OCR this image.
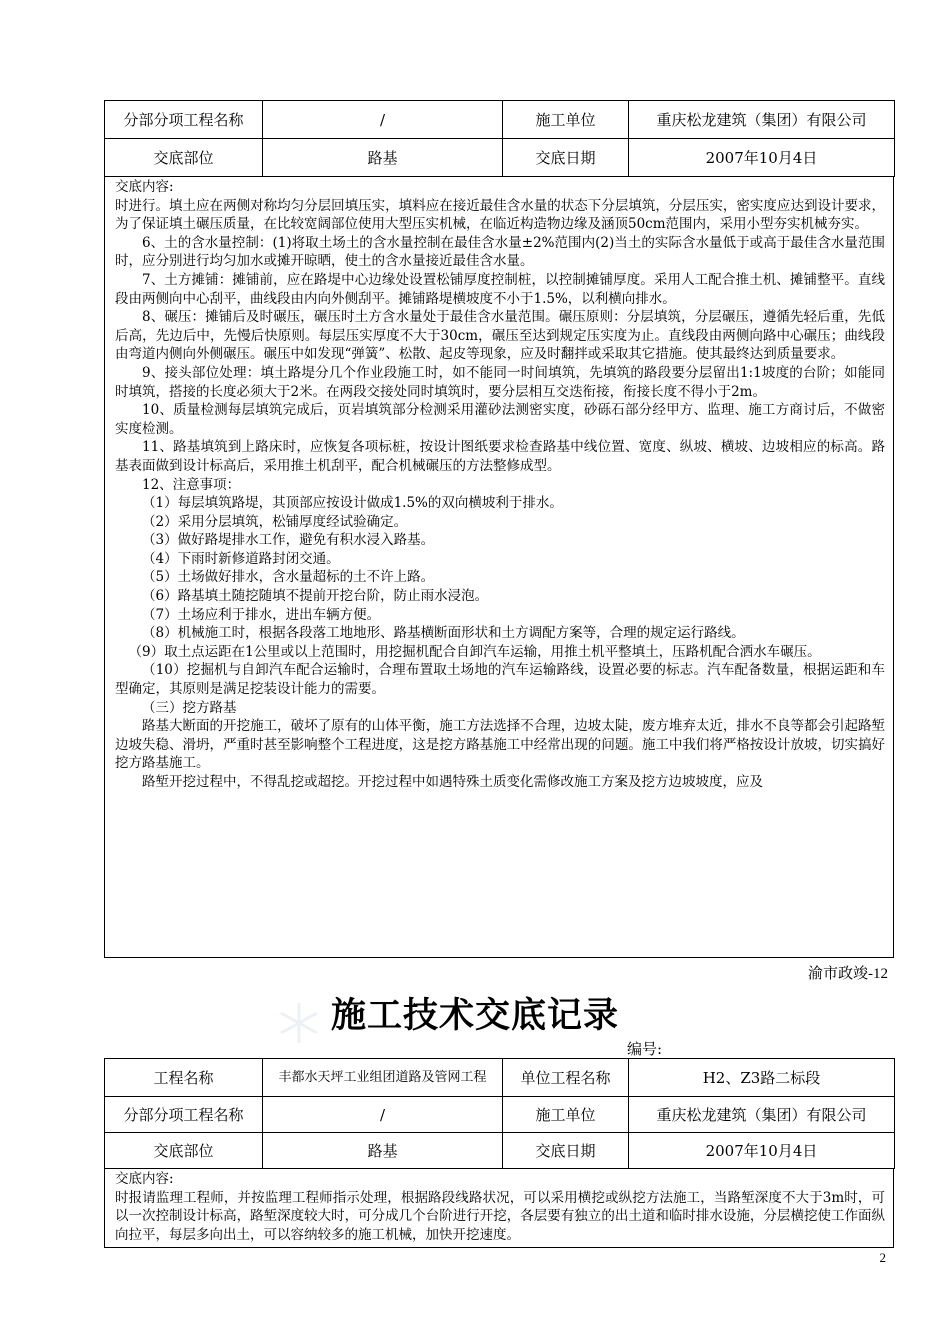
分部分项工程名称	/	施工单位	重庆松龙建筑（集团）有限公司
交底部位	路基	交底日期	2007年10月4日

交底内容:

时进行。填土应在两侧对称均匀分层回填压实，填料应在接近最佳含水量的状态下分层填筑，分层压实，密实度应达到设计要求，为了保证填土碾压质量，在比较宽阔部位使用大型压实机械，在临近构造物边缘及涵顶50cm范围内，采用小型夯实机械夯实。

6、土的含水量控制：(1)将取土场土的含水量控制在最佳含水量±2%范围内(2)当土的实际含水量低于或高于最佳含水量范围时，应分别进行均匀加水或摊开晾晒，使土的含水量接近最佳含水量。

7、土方摊铺：摊铺前，应在路堤中心边缘处设置松铺厚度控制桩，以控制摊铺厚度。采用人工配合推土机、摊铺整平。直线段由两侧向中心刮平，曲线段由内向外侧刮平。摊铺路堤横坡度不小于1.5%，以利横向排水。

8、碾压：摊铺后及时碾压，碾压时土方含水量处于最佳含水量范围。碾压原则：分层填筑，分层碾压，遵循先轻后重，先低后高，先边后中，先慢后快原则。每层压实厚度不大于30cm，碾压至达到规定压实度为止。直线段由两侧向路中心碾压；曲线段由弯道内侧向外侧碾压。碾压中如发现“弹簧”、松散、起皮等现象，应及时翻拌或采取其它措施。使其最终达到质量要求。

9、接头部位处理：填土路堤分几个作业段施工时，如不能同一时间填筑，先填筑的路段要分层留出1:1坡度的台阶；如能同时填筑，搭接的长度必须大于2米。在两段交接处同时填筑时，要分层相互交迭衔接，衔接长度不得小于2m。

10、质量检测每层填筑完成后，页岩填筑部分检测采用灌砂法测密实度，砂砾石部分经甲方、监理、施工方商讨后，不做密实度检测。

11、路基填筑到上路床时，应恢复各项标桩，按设计图纸要求检查路基中线位置、宽度、纵坡、横坡、边坡相应的标高。路基表面做到设计标高后，采用推土机刮平，配合机械碾压的方法整修成型。

12、注意事项：

（1）每层填筑路堤，其顶部应按设计做成1.5%的双向横坡利于排水。

（2）采用分层填筑，松铺厚度经试验确定。

（3）做好路堤排水工作，避免有积水浸入路基。

（4）下雨时新修道路封闭交通。

（5）土场做好排水，含水量超标的土不许上路。

（6）路基填土随挖随填不提前开挖台阶，防止雨水浸泡。

（7）土场应利于排水，进出车辆方便。

（8）机械施工时，根据各段落工地地形、路基横断面形状和土方调配方案等，合理的规定运行路线。

（9）取土点运距在1公里或以上范围时，用挖掘机配合自卸汽车运输，用推土机平整填土，压路机配合洒水车碾压。

（10）挖掘机与自卸汽车配合运输时，合理布置取土场地的汽车运输路线，设置必要的标志。汽车配备数量，根据运距和车型确定，其原则是满足挖装设计能力的需要。

（三）挖方路基

路基大断面的开挖施工，破坏了原有的山体平衡，施工方法选择不合理，边坡太陡，废方堆弃太近，排水不良等都会引起路堑边坡失稳、滑坍，严重时甚至影响整个工程进度，这是挖方路基施工中经常出现的问题。施工中我们将严格按设计放坡，切实搞好挖方路基施工。

路堑开挖过程中，不得乱挖或超挖。开挖过程中如遇特殊土质变化需修改施工方案及挖方边坡坡度，应及

渝市政竣-12
施工技术交底记录
编号:
工程名称	丰都水天坪工业组团道路及管网工程	单位工程名称	H2、Z3路二标段
分部分项工程名称	/	施工单位	重庆松龙建筑（集团）有限公司
交底部位	路基	交底日期	2007年10月4日

交底内容:

时报请监理工程师，并按监理工程师指示处理，根据路段线路状况，可以采用横挖或纵挖方法施工，当路堑深度不大于3m时，可以一次控制设计标高，路堑深度较大时，可分成几个台阶进行开挖，各层要有独立的出土道和临时排水设施，分层横挖使工作面纵向拉平，每层多向出土，可以容纳较多的施工机械，加快开挖速度。

2
